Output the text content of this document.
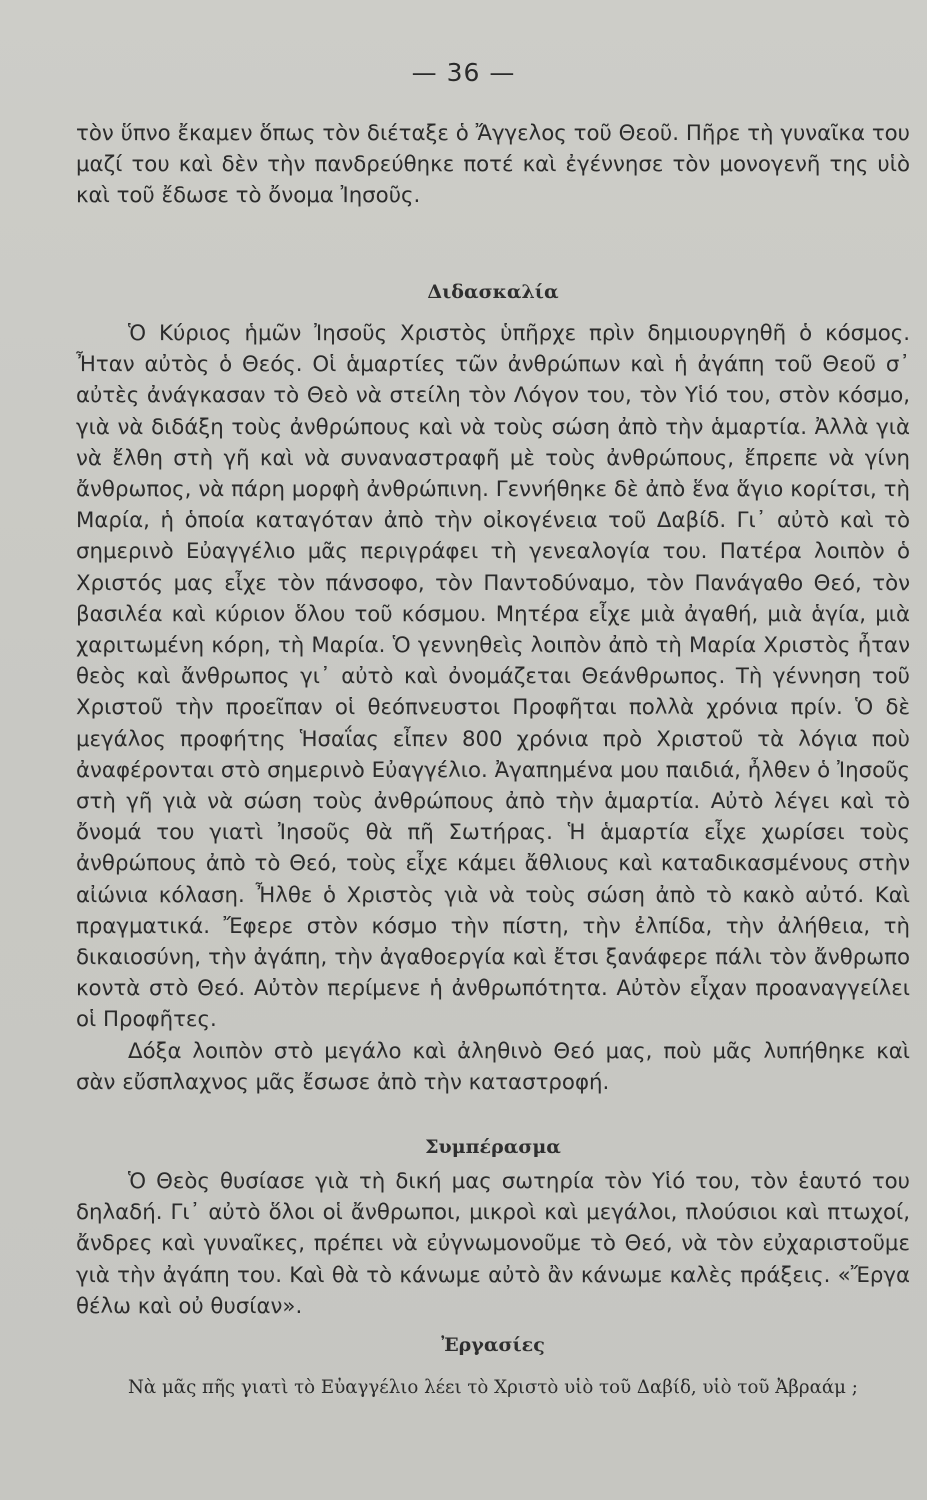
— 36 —

τὸν ὕπνο ἔκαμεν ὅπως τὸν διέταξε ὁ Ἄγγελος τοῦ Θεοῦ. Πῆρε τὴ γυναῖκα του μαζί του καὶ δὲν τὴν πανδρεύθηκε ποτέ καὶ ἐγέννησε τὸν μονογενῆ της υἱὸ καὶ τοῦ ἔδωσε τὸ ὄνομα Ἰησοῦς.

Διδασκαλία

Ὁ Κύριος ἡμῶν Ἰησοῦς Χριστὸς ὑπῆρχε πρὶν δημιουργηθῆ ὁ κόσμος. Ἦταν αὐτὸς ὁ Θεός. Οἱ ἁμαρτίες τῶν ἀνθρώπων καὶ ἡ ἀγάπη τοῦ Θεοῦ σ᾽ αὐτὲς ἀνάγκασαν τὸ Θεὸ νὰ στείλη τὸν Λόγον του, τὸν Υἱό του, στὸν κόσμο, γιὰ νὰ διδάξη τοὺς ἀνθρώπους καὶ νὰ τοὺς σώση ἀπὸ τὴν ἁμαρτία. Ἀλλὰ γιὰ νὰ ἔλθη στὴ γῆ καὶ νὰ συναναστραφῆ μὲ τοὺς ἀνθρώπους, ἔπρεπε νὰ γίνη ἄνθρωπος, νὰ πάρη μορφὴ ἀνθρώπινη. Γεννήθηκε δὲ ἀπὸ ἕνα ἅγιο κορίτσι, τὴ Μαρία, ἡ ὁποία καταγόταν ἀπὸ τὴν οἰκογένεια τοῦ Δαβίδ. Γι᾽ αὐτὸ καὶ τὸ σημερινὸ Εὐαγγέλιο μᾶς περιγράφει τὴ γενεαλογία του. Πατέρα λοιπὸν ὁ Χριστός μας εἶχε τὸν πάνσοφο, τὸν Παντοδύναμο, τὸν Πανάγαθο Θεό, τὸν βασιλέα καὶ κύριον ὅλου τοῦ κόσμου. Μητέρα εἶχε μιὰ ἀγαθή, μιὰ ἁγία, μιὰ χαριτωμένη κόρη, τὴ Μαρία. Ὁ γεννηθεὶς λοιπὸν ἀπὸ τὴ Μαρία Χριστὸς ἦταν θεὸς καὶ ἄνθρωπος γι᾽ αὐτὸ καὶ ὀνομάζεται Θεάνθρωπος. Τὴ γέννηση τοῦ Χριστοῦ τὴν προεῖπαν οἱ θεόπνευστοι Προφῆται πολλὰ χρόνια πρίν. Ὁ δὲ μεγάλος προφήτης Ἡσαΐας εἶπεν 800 χρόνια πρὸ Χριστοῦ τὰ λόγια ποὺ ἀναφέρονται στὸ σημερινὸ Εὐαγγέλιο. Ἀγαπημένα μου παιδιά, ἦλθεν ὁ Ἰησοῦς στὴ γῆ γιὰ νὰ σώση τοὺς ἀνθρώπους ἀπὸ τὴν ἁμαρτία. Αὐτὸ λέγει καὶ τὸ ὄνομά του γιατὶ Ἰησοῦς θὰ πῆ Σωτήρας. Ἡ ἁμαρτία εἶχε χωρίσει τοὺς ἀνθρώπους ἀπὸ τὸ Θεό, τοὺς εἶχε κάμει ἄθλιους καὶ καταδικασμένους στὴν αἰώνια κόλαση. Ἦλθε ὁ Χριστὸς γιὰ νὰ τοὺς σώση ἀπὸ τὸ κακὸ αὐτό. Καὶ πραγματικά. Ἔφερε στὸν κόσμο τὴν πίστη, τὴν ἐλπίδα, τὴν ἀλήθεια, τὴ δικαιοσύνη, τὴν ἀγάπη, τὴν ἀγαθοεργία καὶ ἔτσι ξανάφερε πάλι τὸν ἄνθρωπο κοντὰ στὸ Θεό. Αὐτὸν περίμενε ἡ ἀνθρωπότητα. Αὐτὸν εἶχαν προαναγγείλει οἱ Προφῆτες.

Δόξα λοιπὸν στὸ μεγάλο καὶ ἀληθινὸ Θεό μας, ποὺ μᾶς λυπήθηκε καὶ σὰν εὔσπλαχνος μᾶς ἔσωσε ἀπὸ τὴν καταστροφή.

Συμπέρασμα

Ὁ Θεὸς θυσίασε γιὰ τὴ δική μας σωτηρία τὸν Υἱό του, τὸν ἑαυτό του δηλαδή. Γι᾽ αὐτὸ ὅλοι οἱ ἄνθρωποι, μικροὶ καὶ μεγάλοι, πλούσιοι καὶ πτωχοί, ἄνδρες καὶ γυναῖκες, πρέπει νὰ εὐγνωμονοῦμε τὸ Θεό, νὰ τὸν εὐχαριστοῦμε γιὰ τὴν ἀγάπη του. Καὶ θὰ τὸ κάνωμε αὐτὸ ἂν κάνωμε καλὲς πράξεις. «Ἔργα θέλω καὶ οὐ θυσίαν».

Ἐργασίες

Νὰ μᾶς πῆς γιατὶ τὸ Εὐαγγέλιο λέει τὸ Χριστὸ υἱὸ τοῦ Δαβίδ, υἱὸ τοῦ Ἀβραάμ ;
